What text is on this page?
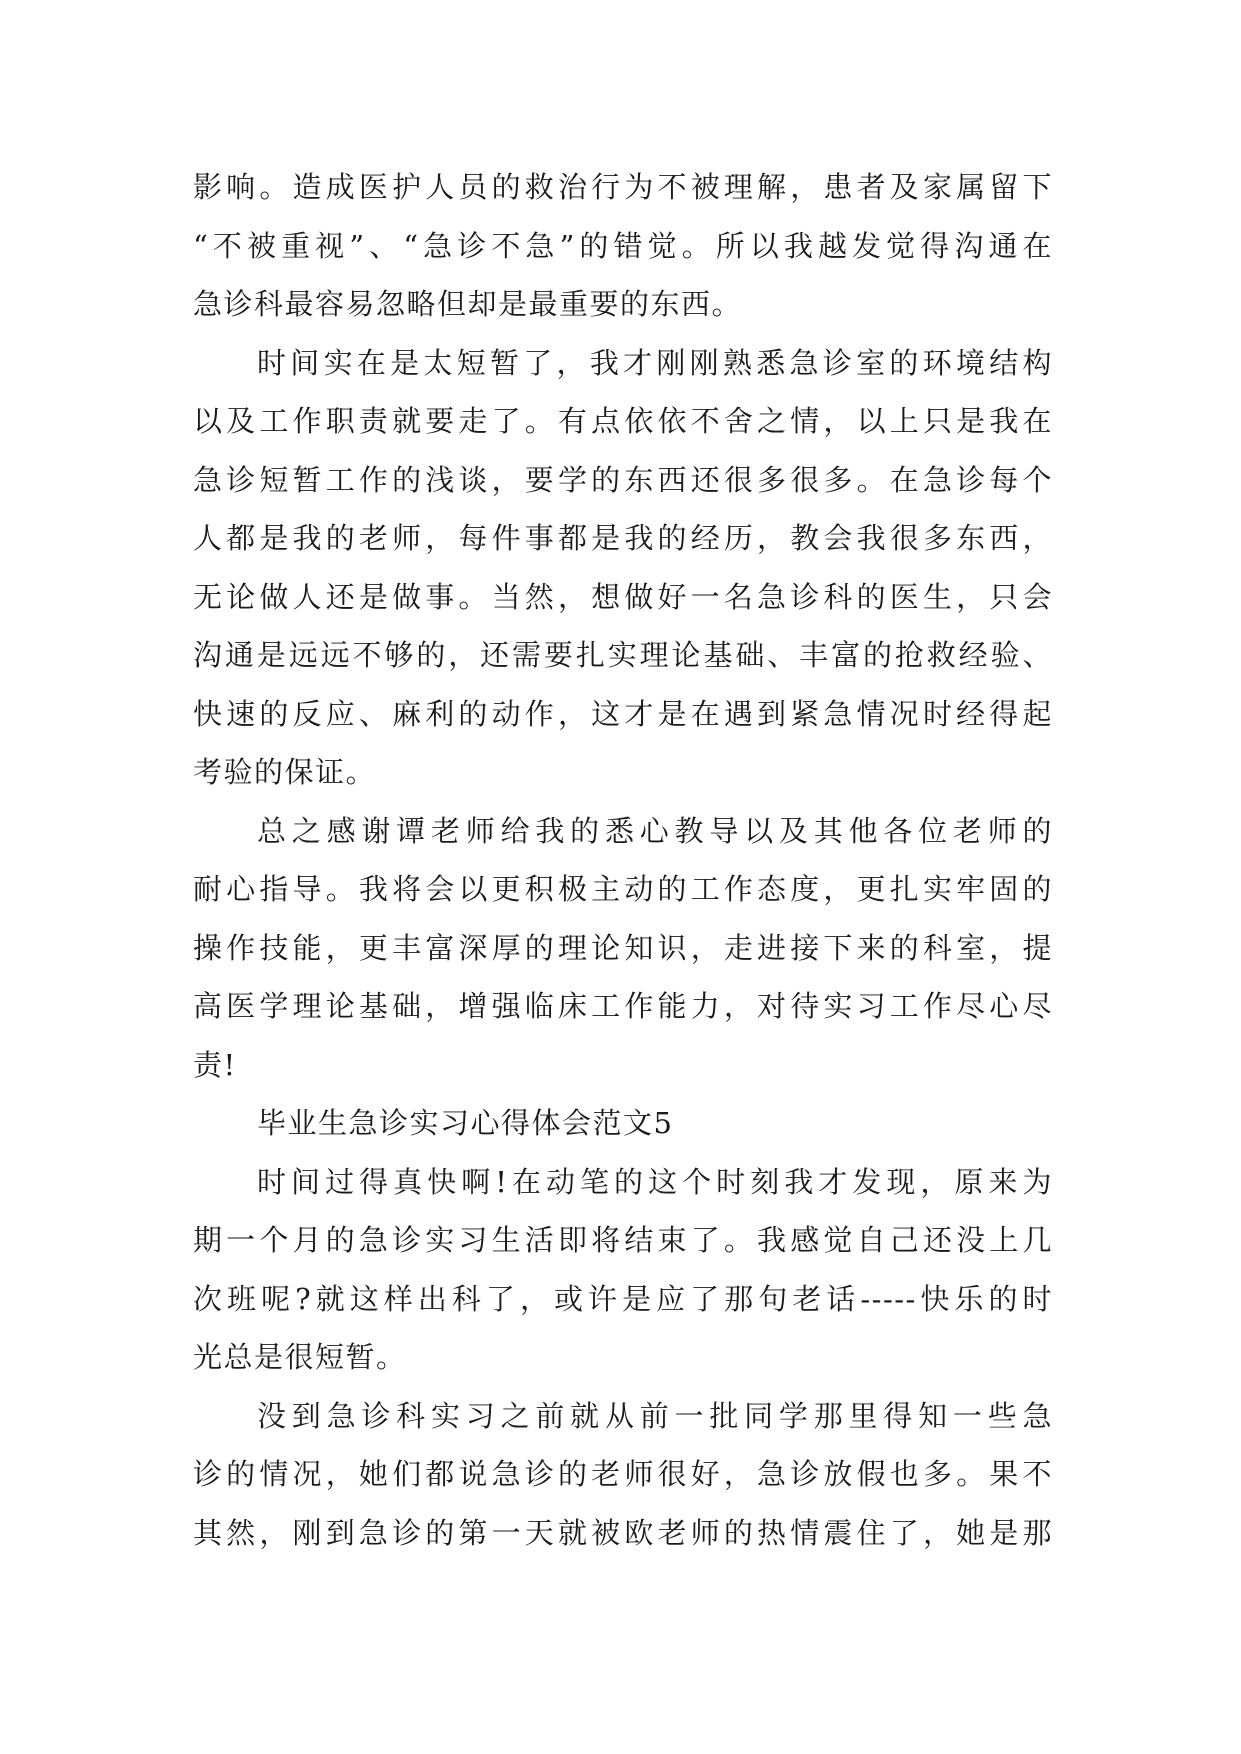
影响。造成医护人员的救治行为不被理解，患者及家属留下
“不被重视”、“急诊不急”的错觉。所以我越发觉得沟通在
急诊科最容易忽略但却是最重要的东西。
时间实在是太短暂了，我才刚刚熟悉急诊室的环境结构
以及工作职责就要走了。有点依依不舍之情，以上只是我在
急诊短暂工作的浅谈，要学的东西还很多很多。在急诊每个
人都是我的老师，每件事都是我的经历，教会我很多东西，
无论做人还是做事。当然，想做好一名急诊科的医生，只会
沟通是远远不够的，还需要扎实理论基础、丰富的抢救经验、
快速的反应、麻利的动作，这才是在遇到紧急情况时经得起
考验的保证。
总之感谢谭老师给我的悉心教导以及其他各位老师的
耐心指导。我将会以更积极主动的工作态度，更扎实牢固的
操作技能，更丰富深厚的理论知识，走进接下来的科室，提
高医学理论基础，增强临床工作能力，对待实习工作尽心尽
责!
毕业生急诊实习心得体会范文5
时间过得真快啊!在动笔的这个时刻我才发现，原来为
期一个月的急诊实习生活即将结束了。我感觉自己还没上几
次班呢?就这样出科了，或许是应了那句老话-----快乐的时
光总是很短暂。
没到急诊科实习之前就从前一批同学那里得知一些急
诊的情况，她们都说急诊的老师很好，急诊放假也多。果不
其然，刚到急诊的第一天就被欧老师的热情震住了，她是那
